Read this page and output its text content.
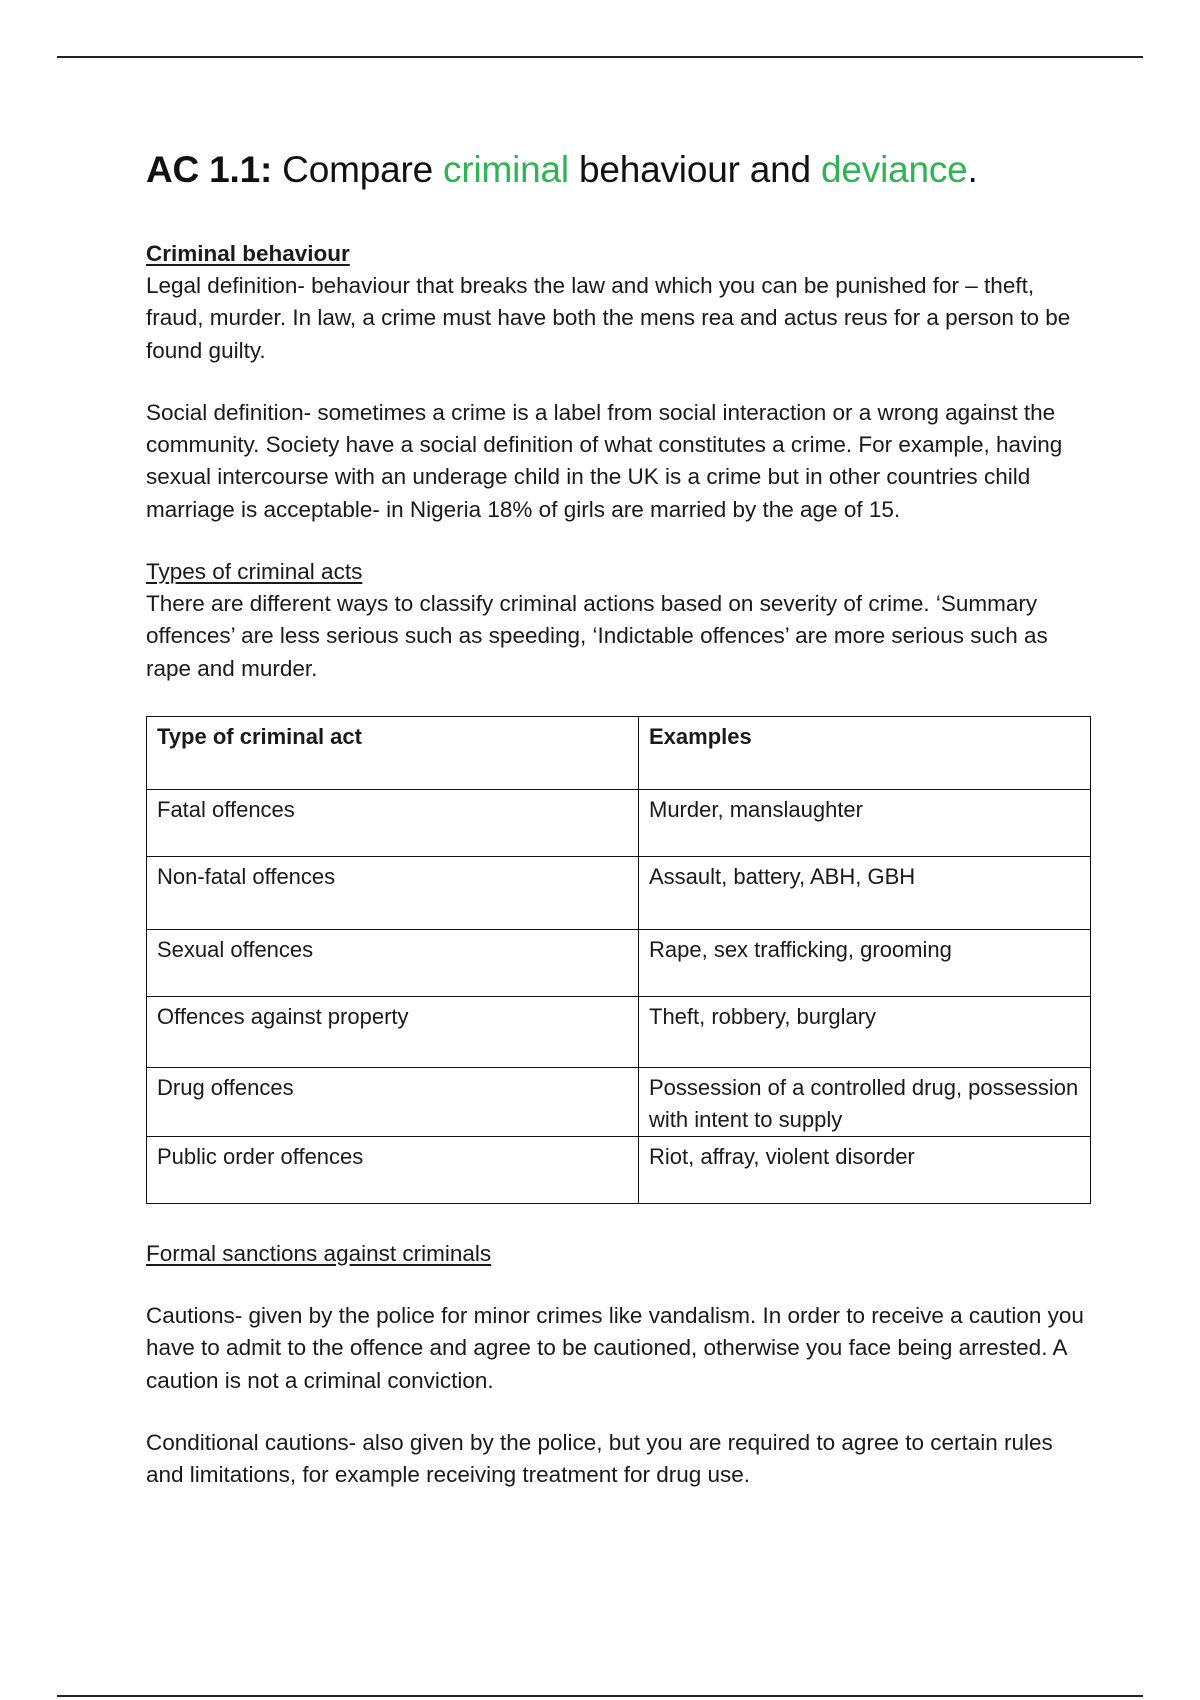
AC 1.1: Compare criminal behaviour and deviance.
Criminal behaviour

Legal definition- behaviour that breaks the law and which you can be punished for – theft, fraud, murder. In law, a crime must have both the mens rea and actus reus for a person to be found guilty.

Social definition- sometimes a crime is a label from social interaction or a wrong against the community. Society have a social definition of what constitutes a crime. For example, having sexual intercourse with an underage child in the UK is a crime but in other countries child marriage is acceptable- in Nigeria 18% of girls are married by the age of 15.

Types of criminal acts

There are different ways to classify criminal actions based on severity of crime. ‘Summary offences’ are less serious such as speeding, ‘Indictable offences’ are more serious such as rape and murder.

Type of criminal act	Examples
Fatal offences	Murder, manslaughter
Non-fatal offences	Assault, battery, ABH, GBH
Sexual offences	Rape, sex trafficking, grooming
Offences against property	Theft, robbery, burglary
Drug offences	Possession of a controlled drug, possession with intent to supply
Public order offences	Riot, affray, violent disorder
Formal sanctions against criminals

Cautions- given by the police for minor crimes like vandalism. In order to receive a caution you have to admit to the offence and agree to be cautioned, otherwise you face being arrested. A caution is not a criminal conviction.

Conditional cautions- also given by the police, but you are required to agree to certain rules and limitations, for example receiving treatment for drug use.
